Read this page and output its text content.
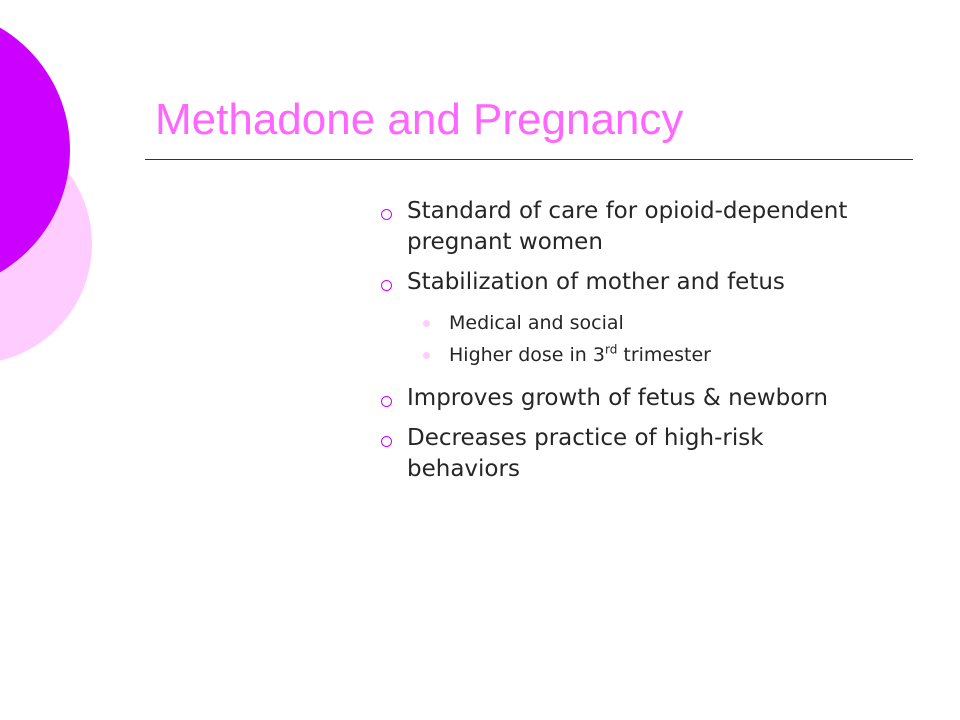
Methadone and Pregnancy
Standard of care for opioid-dependent pregnant women
Stabilization of mother and fetus
Medical and social
Higher dose in 3rd trimester
Improves growth of fetus & newborn
Decreases practice of high-risk behaviors
